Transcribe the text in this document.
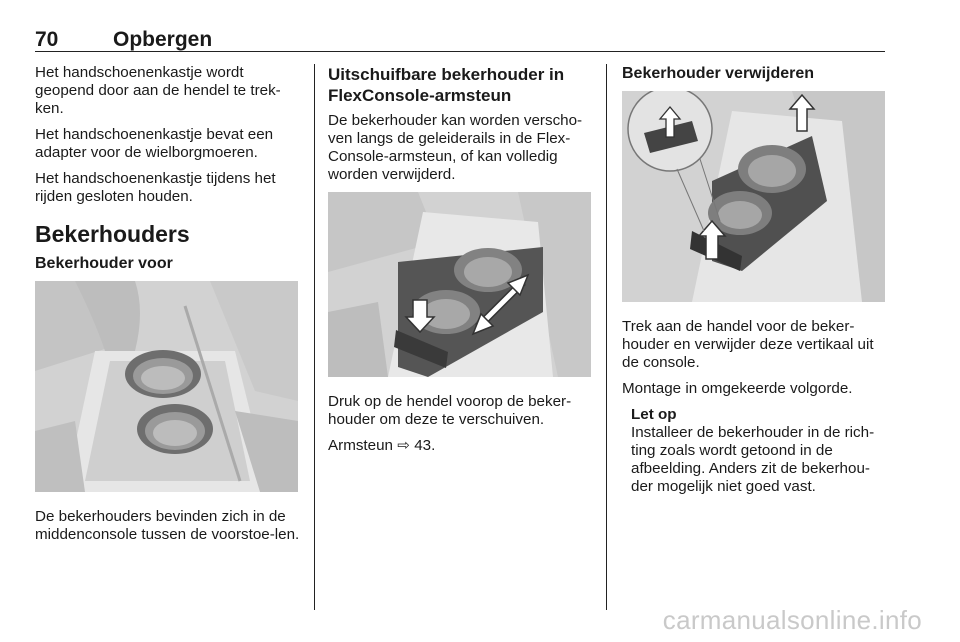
70	Opbergen

Het handschoenenkastje wordt geopend door aan de hendel te trek-ken.

Het handschoenenkastje bevat een adapter voor de wielborgmoeren.

Het handschoenenkastje tijdens het rijden gesloten houden.

Bekerhouders
Bekerhouder voor

De bekerhouders bevinden zich in de middenconsole tussen de voorstoe-len.

Uitschuifbare bekerhouder in FlexConsole-armsteun

De bekerhouder kan worden verscho-ven langs de geleiderails in de Flex-Console-armsteun, of kan volledig worden verwijderd.

Druk op de hendel voorop de beker-houder om deze te verschuiven.

Armsteun ⇨ 43.

Bekerhouder verwijderen

Trek aan de handel voor de beker-houder en verwijder deze vertikaal uit de console.

Montage in omgekeerde volgorde.

Let op
Installeer de bekerhouder in de rich-ting zoals wordt getoond in de afbeelding. Anders zit de bekerhou-der mogelijk niet goed vast.
carmanualsonline.info
